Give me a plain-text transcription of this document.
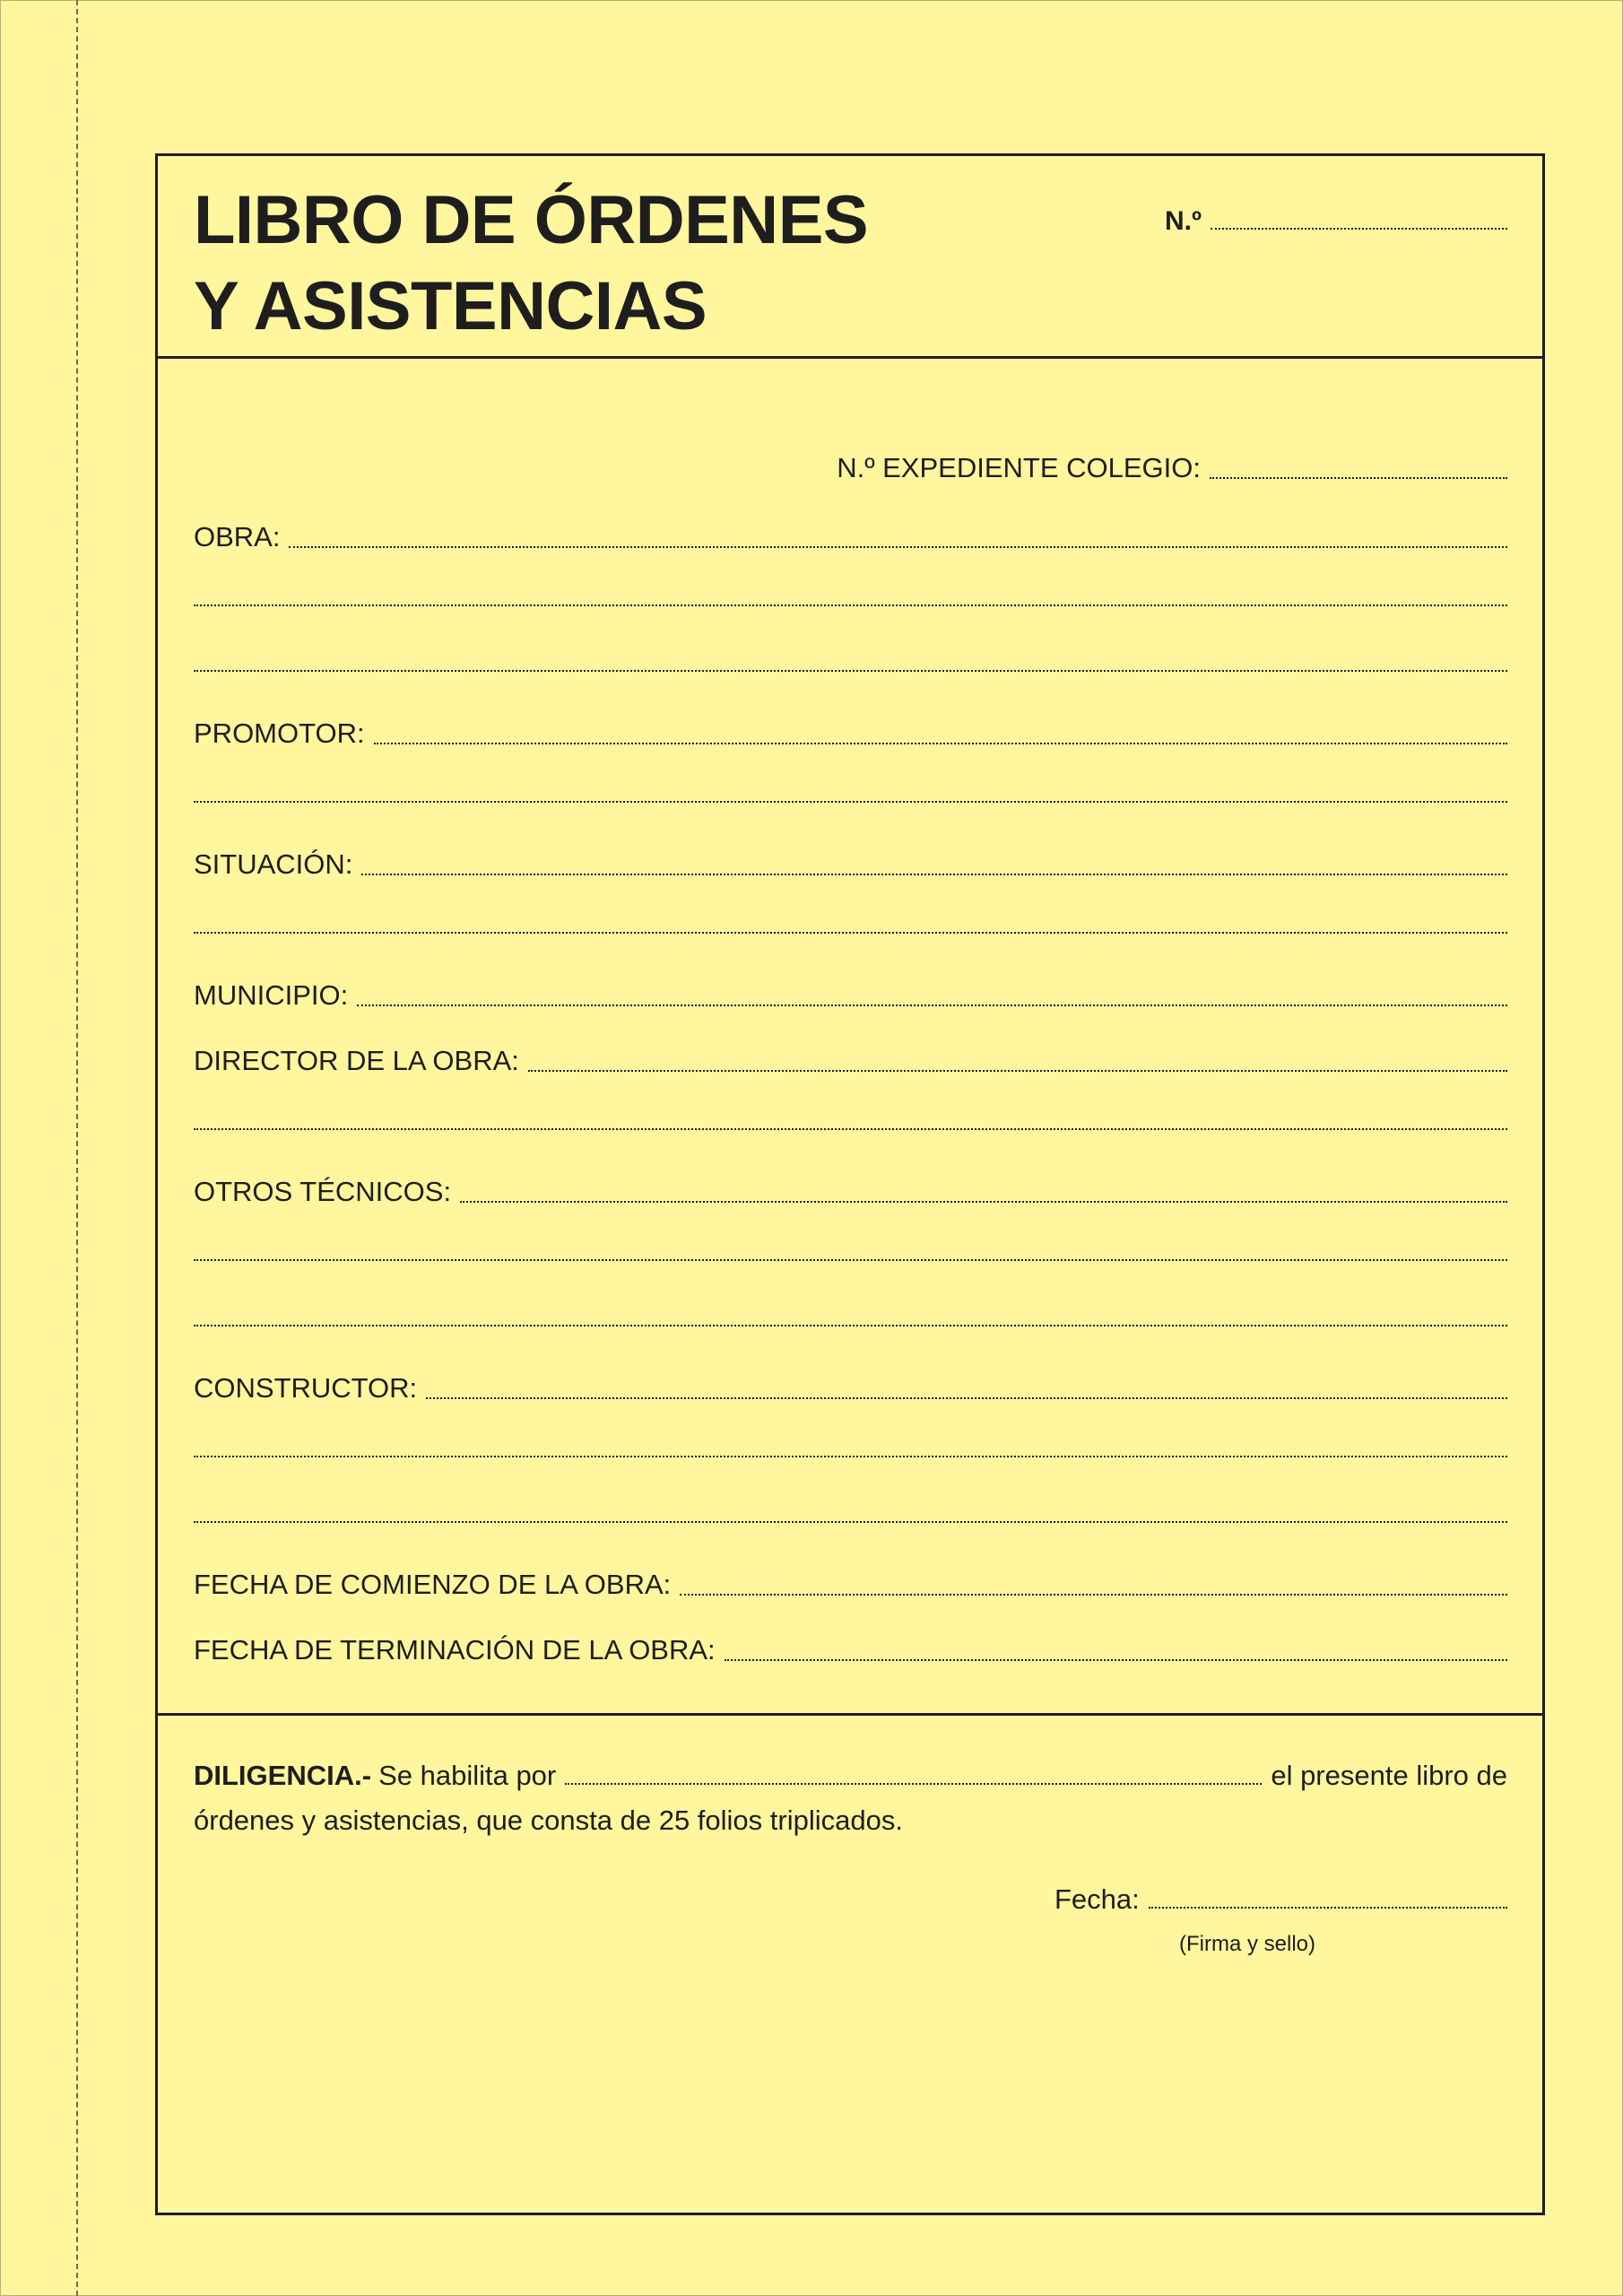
LIBRO DE ÓRDENES
Y ASISTENCIAS
N.º
N.º EXPEDIENTE COLEGIO:
OBRA:
PROMOTOR:
SITUACIÓN:
MUNICIPIO:
DIRECTOR DE LA OBRA:
OTROS TÉCNICOS:
CONSTRUCTOR:
FECHA DE COMIENZO DE LA OBRA:
FECHA DE TERMINACIÓN DE LA OBRA:
DILIGENCIA.- Se habilita por	el presente libro de
órdenes y asistencias, que consta de 25 folios triplicados.
Fecha:
(Firma y sello)
